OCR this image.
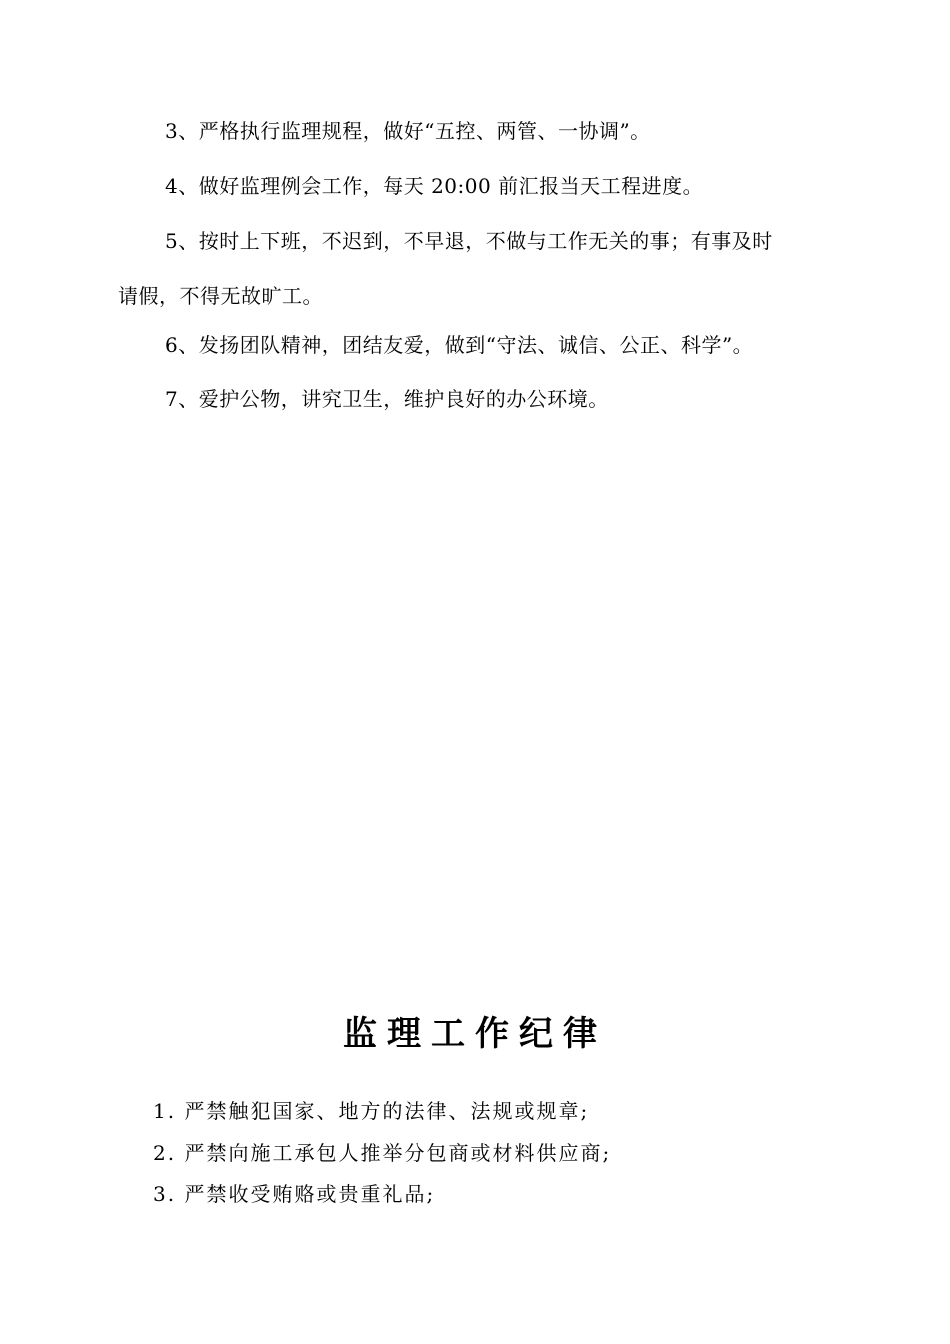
3、严格执行监理规程，做好“五控、两管、一协调”。
4、做好监理例会工作，每天 20:00 前汇报当天工程进度。
5、按时上下班，不迟到，不早退，不做与工作无关的事；有事及时
请假，不得无故旷工。
6、发扬团队精神，团结友爱，做到“守法、诚信、公正、科学”。
7、爱护公物，讲究卫生，维护良好的办公环境。
监理工作纪律
1. 严禁触犯国家、地方的法律、法规或规章;
2. 严禁向施工承包人推举分包商或材料供应商;
3. 严禁收受贿赂或贵重礼品;
